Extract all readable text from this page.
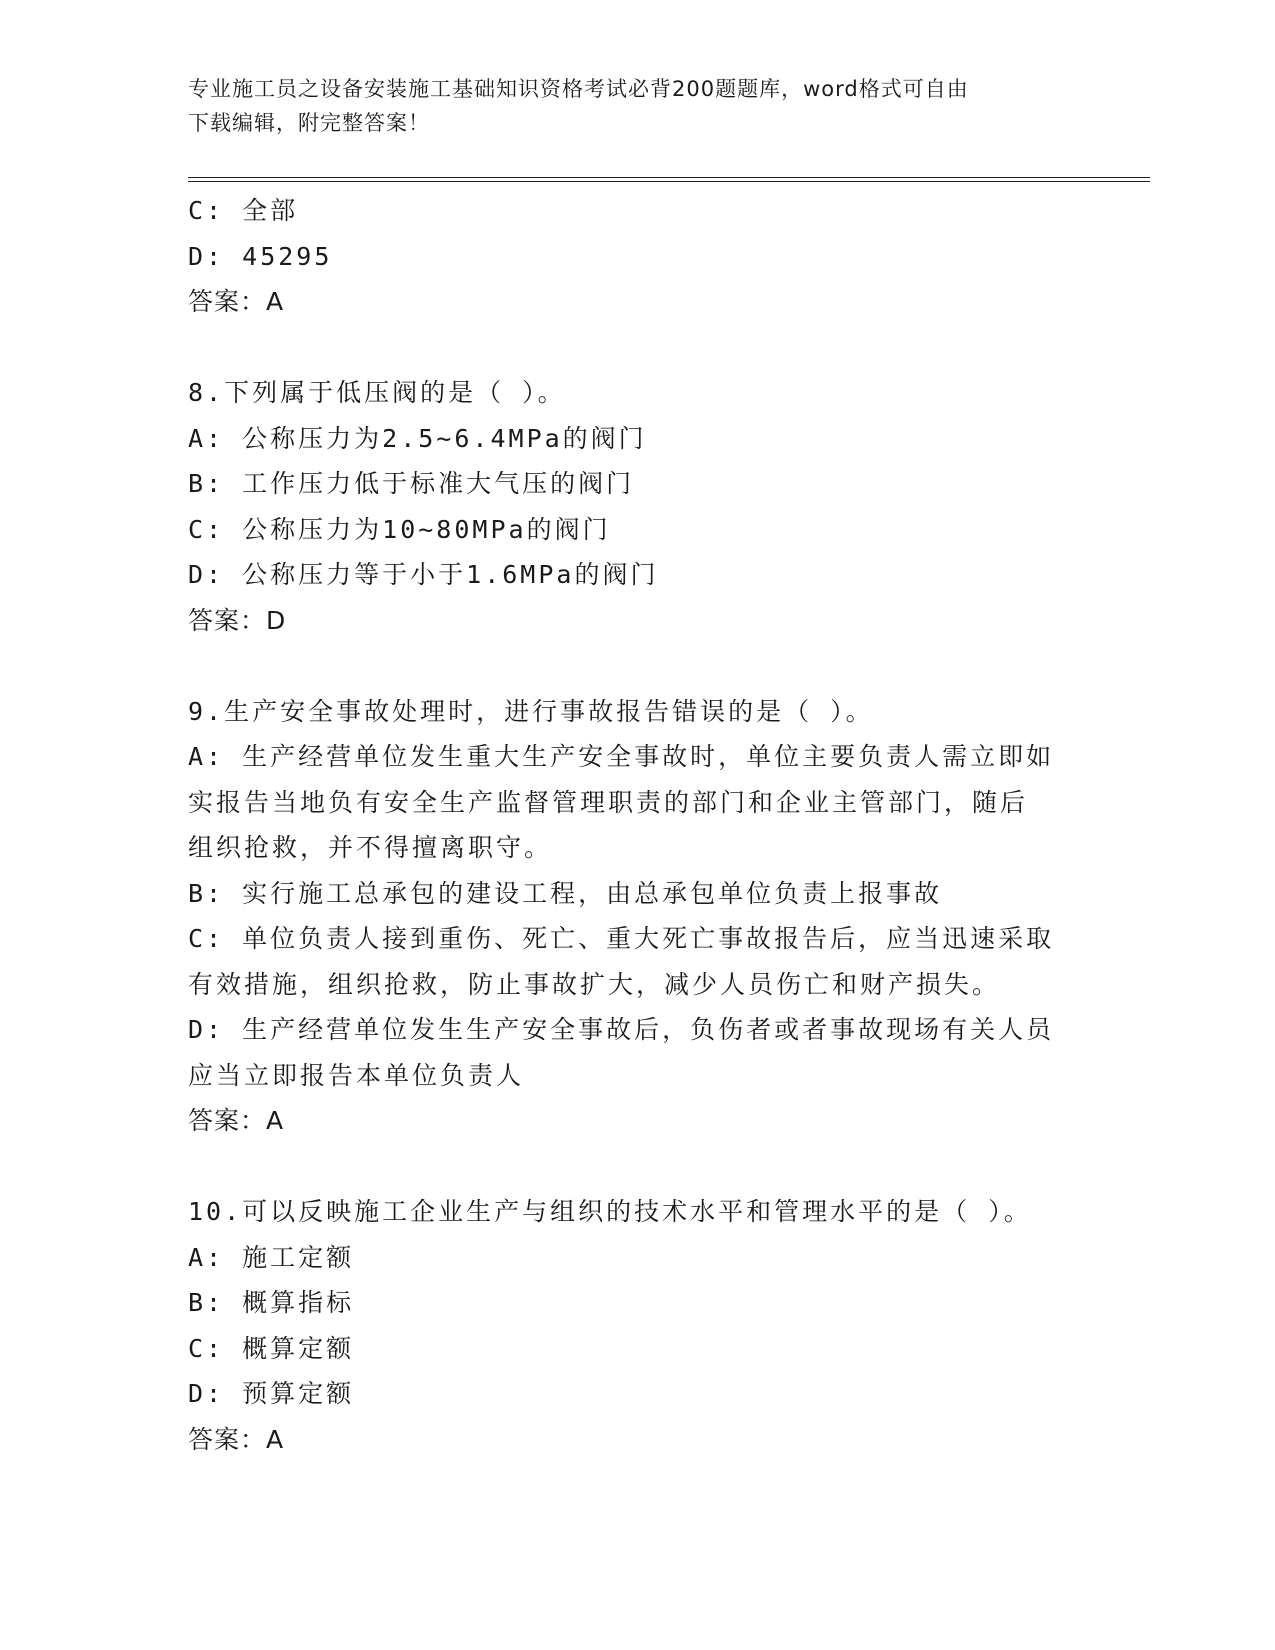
专业施工员之设备安装施工基础知识资格考试必背200题题库，word格式可自由
下载编辑，附完整答案！
C: 全部
D: 45295
答案：A
8.下列属于低压阀的是（ ）。
A: 公称压力为2.5~6.4MPa的阀门
B: 工作压力低于标准大气压的阀门
C: 公称压力为10~80MPa的阀门
D: 公称压力等于小于1.6MPa的阀门
答案：D
9.生产安全事故处理时，进行事故报告错误的是（ ）。
A: 生产经营单位发生重大生产安全事故时，单位主要负责人需立即如
实报告当地负有安全生产监督管理职责的部门和企业主管部门，随后
组织抢救，并不得擅离职守。
B: 实行施工总承包的建设工程，由总承包单位负责上报事故
C: 单位负责人接到重伤、死亡、重大死亡事故报告后，应当迅速采取
有效措施，组织抢救，防止事故扩大，减少人员伤亡和财产损失。
D: 生产经营单位发生生产安全事故后，负伤者或者事故现场有关人员
应当立即报告本单位负责人
答案：A
10.可以反映施工企业生产与组织的技术水平和管理水平的是（ ）。
A: 施工定额
B: 概算指标
C: 概算定额
D: 预算定额
答案：A
